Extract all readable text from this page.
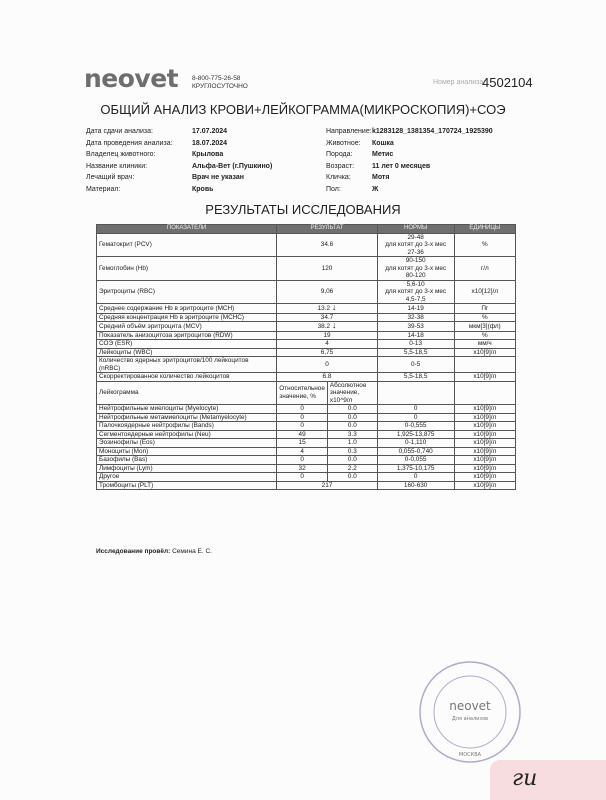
neovet 8-800-775-26-58
КРУГЛОСУТОЧНО
Номер анализа:
4502104
ОБЩИЙ АНАЛИЗ КРОВИ+ЛЕЙКОГРАММА(МИКРОСКОПИЯ)+СОЭ
Дата сдачи анализа:	17.07.2024
Дата проведения анализа:	18.07.2024
Владелец животного:	Крылова
Название клиники:	Альфа-Вет (г.Пушкино)
Лечащий врач:	Врач не указан
Материал:	Кровь
Направление:k1283128_1381354_170724_1925390
Животное: Кошка
Порода:	Метис
Возраст:	11 лет 0 месяцев
Кличка:	Мотя
Пол:	Ж
РЕЗУЛЬТАТЫ ИССЛЕДОВАНИЯ
ПОКАЗАТЕЛИ	РЕЗУЛЬТАТ		НОРМЫ	ЕДИНИЦЫ
Гематокрит (PCV)	34.6		29-48
для котят до 3-х мес
27-36	%
Гемоглобин (Hb)	120		90-150
для котят до 3-х мес
80-120	г/л
Эритроциты (RBC)	9,06		5,6-10
для котят до 3-х мес
4,5-7,5	x10[12]/л
Среднее содержание Hb в эритроците (MCH)	13.2 ↓		14-19	Пг
Средняя концентрация Hb в эритроците (MCHC)	34.7		32-38	%
Средний объём эритроцита (MCV)	38.2 ↓		39-53	мкм[3](фл)
Показатель анизоцитоза эритроцитов (RDW)	19		14-18	%
СОЭ (ESR)	4		0-13	мм/ч
Лейкоциты (WBC)	6,75		5,5-18,5	x10[9]/л
Количество ядерных эритроцитов/100 лейкоцитов
(nRBC)	0		0-5	
Скорректированное количество лейкоцитов	6.8		5,5-18,5	x10[9]/л
Лейкограмма	Относительное значение, %	Абсолютное значение, x10^9/л		
Нейтрофильные миелоциты (Myelocyte)	0	0.0	0	x10[9]/л
Нейтрофильные метамиелоциты (Metamyelocyte)	0	0.0	0	x10[9]/л
Палочкоядерные нейтрофилы (Bands)	0	0.0	0-0,555	x10[9]/л
Сегментоядерные нейтрофилы (Neu)	49	3.3	1,925-13,875	x10[9]/л
Эозинофилы (Eos)	15	1.0	0-1,110	x10[9]/л
Моноциты (Mon)	4	0.3	0,055-0,740	x10[9]/л
Базофилы (Bas)	0	0.0	0-0,055	x10[9]/л
Лимфоциты (Lym)	32	2.2	1,375-10,175	x10[9]/л
Другое	0	0.0	0	x10[9]/л
Тромбоциты (PLT)	217		160-630	x10[9]/л
Исследование провёл: Семина Е. С.
neovet
Для анализов
МОСКВА
ги
